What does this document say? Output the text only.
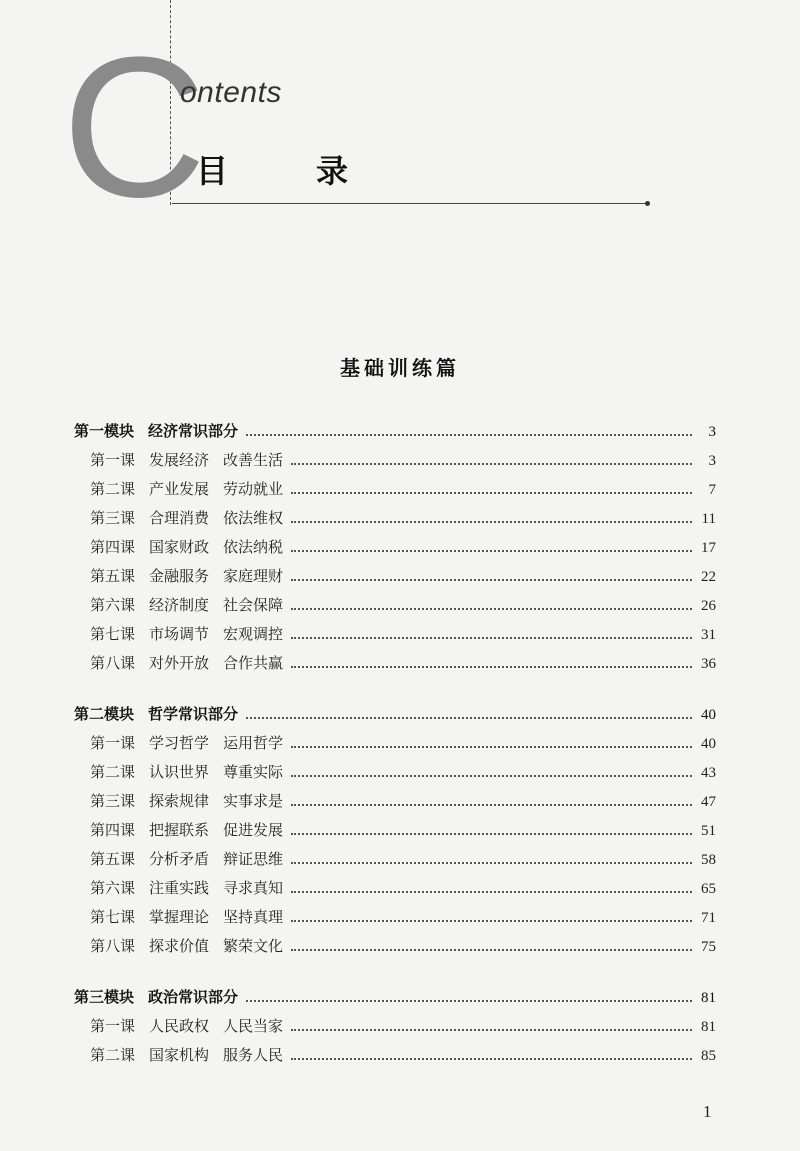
C
ontents
目　录
基础训练篇
第一模块 经济常识部分	3
第一课 发展经济 改善生活	3
第二课 产业发展 劳动就业	7
第三课 合理消费 依法维权	11
第四课 国家财政 依法纳税	17
第五课 金融服务 家庭理财	22
第六课 经济制度 社会保障	26
第七课 市场调节 宏观调控	31
第八课 对外开放 合作共赢	36
第二模块 哲学常识部分	40
第一课 学习哲学 运用哲学	40
第二课 认识世界 尊重实际	43
第三课 探索规律 实事求是	47
第四课 把握联系 促进发展	51
第五课 分析矛盾 辩证思维	58
第六课 注重实践 寻求真知	65
第七课 掌握理论 坚持真理	71
第八课 探求价值 繁荣文化	75
第三模块 政治常识部分	81
第一课 人民政权 人民当家	81
第二课 国家机构 服务人民	85
1
